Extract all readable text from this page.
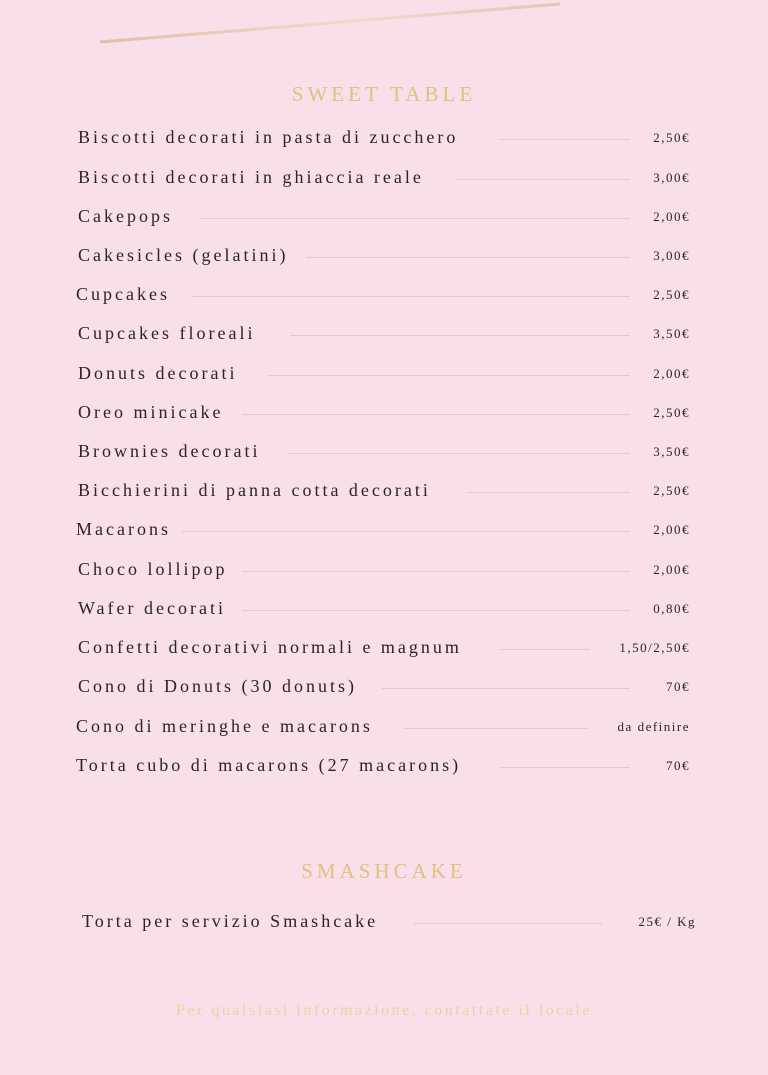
SWEET TABLE
Biscotti decorati in pasta di zucchero	2,50€
Biscotti decorati in ghiaccia reale	3,00€
Cakepops	2,00€
Cakesicles (gelatini)	3,00€
Cupcakes	2,50€
Cupcakes floreali	3,50€
Donuts decorati	2,00€
Oreo minicake	2,50€
Brownies decorati	3,50€
Bicchierini di panna cotta decorati	2,50€
Macarons	2,00€
Choco lollipop	2,00€
Wafer decorati	0,80€
Confetti decorativi normali e magnum	1,50/2,50€
Cono di Donuts (30 donuts)	70€
Cono di meringhe e macarons	da definire
Torta cubo di macarons (27 macarons)	70€
SMASHCAKE
Torta per servizio Smashcake	25€ / Kg
Per qualsiasi informazione, contattate il locale
